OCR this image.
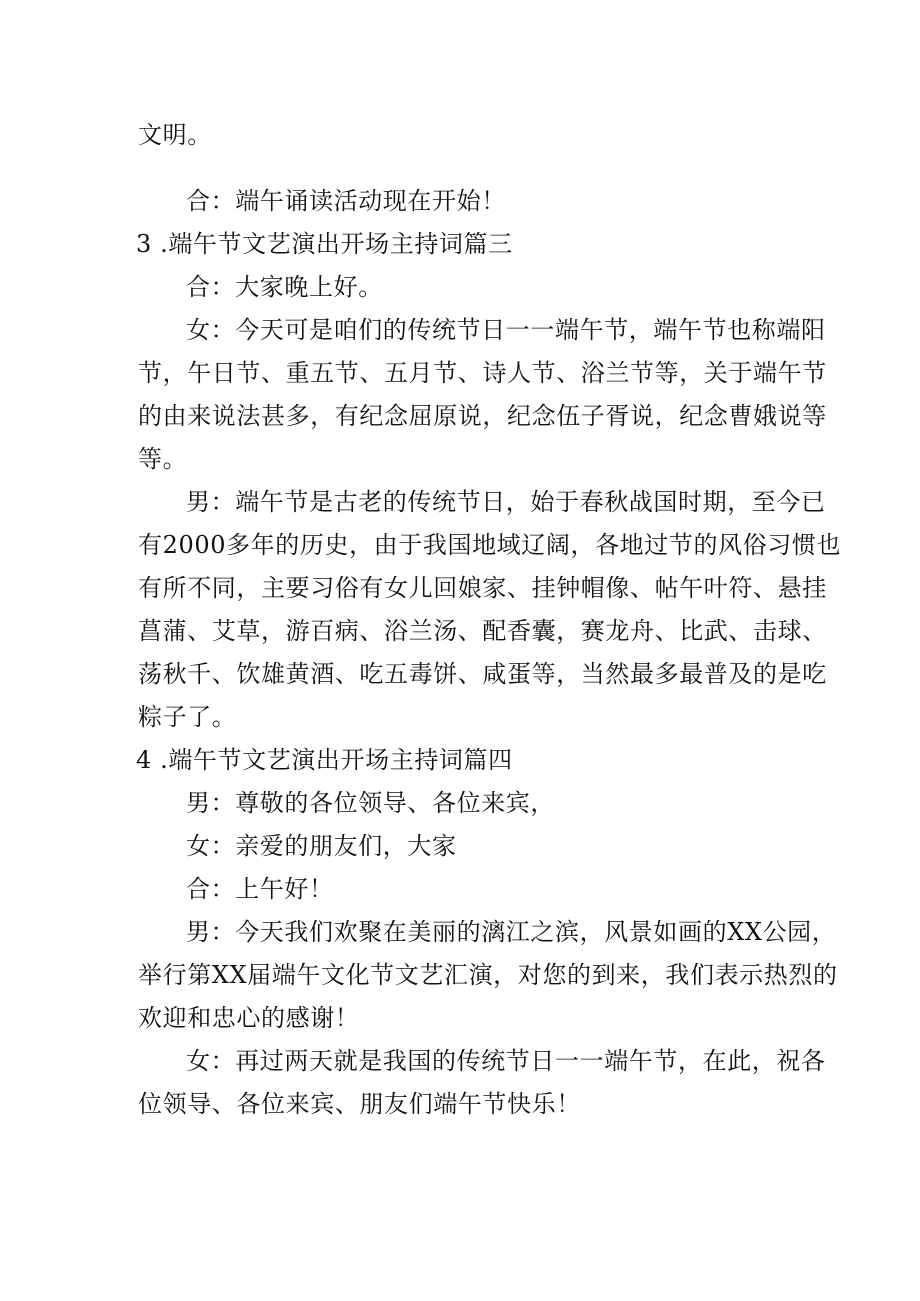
文明。
合：端午诵读活动现在开始！
3 .端午节文艺演出开场主持词篇三
合：大家晚上好。
女：今天可是咱们的传统节日一一端午节，端午节也称端阳
节，午日节、重五节、五月节、诗人节、浴兰节等，关于端午节
的由来说法甚多，有纪念屈原说，纪念伍子胥说，纪念曹娥说等
等。
男：端午节是古老的传统节日，始于春秋战国时期，至今已
有2000多年的历史，由于我国地域辽阔，各地过节的风俗习惯也
有所不同，主要习俗有女儿回娘家、挂钟帽像、帖午叶符、悬挂
菖蒲、艾草，游百病、浴兰汤、配香囊，赛龙舟、比武、击球、
荡秋千、饮雄黄酒、吃五毒饼、咸蛋等，当然最多最普及的是吃
粽子了。
4 .端午节文艺演出开场主持词篇四
男：尊敬的各位领导、各位来宾，
女：亲爱的朋友们，大家
合：上午好！
男：今天我们欢聚在美丽的漓江之滨，风景如画的XX公园，
举行第XX届端午文化节文艺汇演，对您的到来，我们表示热烈的
欢迎和忠心的感谢！
女：再过两天就是我国的传统节日一一端午节，在此，祝各
位领导、各位来宾、朋友们端午节快乐！
